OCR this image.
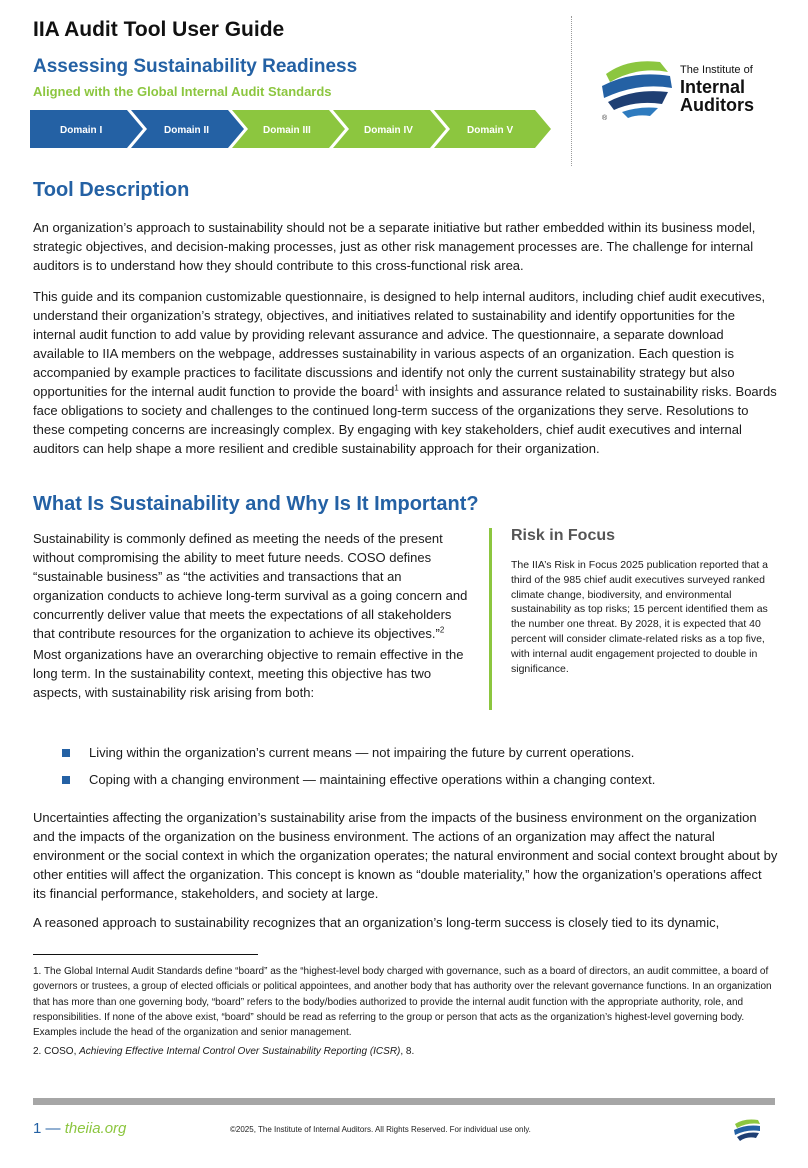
IIA Audit Tool User Guide
Assessing Sustainability Readiness
Aligned with the Global Internal Audit Standards
®
The Institute of
Internal
Auditors
Domain I	Domain II	Domain III	Domain IV	Domain V
Tool Description

An organization’s approach to sustainability should not be a separate initiative but rather embedded within its business model, strategic objectives, and decision-making processes, just as other risk management processes are. The challenge for internal auditors is to understand how they should contribute to this cross-functional risk area.

This guide and its companion customizable questionnaire, is designed to help internal auditors, including chief audit executives, understand their organization’s strategy, objectives, and initiatives related to sustainability and identify opportunities for the internal audit function to add value by providing relevant assurance and advice. The questionnaire, a separate download available to IIA members on the webpage, addresses sustainability in various aspects of an organization. Each question is accompanied by example practices to facilitate discussions and identify not only the current sustainability strategy but also opportunities for the internal audit function to provide the board$^1$ with insights and assurance related to sustainability risks. Boards face obligations to society and challenges to the continued long-term success of the organizations they serve. Resolutions to these competing concerns are increasingly complex. By engaging with key stakeholders, chief audit executives and internal auditors can help shape a more resilient and credible sustainability approach for their organization.

What Is Sustainability and Why Is It Important?

Sustainability is commonly defined as meeting the needs of the present without compromising the ability to meet future needs. COSO defines “sustainable business” as “the activities and transactions that an organization conducts to achieve long-term survival as a going concern and concurrently deliver value that meets the expectations of all stakeholders that contribute resources for the organization to achieve its objectives.”$^2$

Most organizations have an overarching objective to remain effective in the long term. In the sustainability context, meeting this objective has two aspects, with sustainability risk arising from both:

Risk in Focus

The IIA’s Risk in Focus 2025 publication reported that a third of the 985 chief audit executives surveyed ranked climate change, biodiversity, and environmental sustainability as top risks; 15 percent identified them as the number one threat. By 2028, it is expected that 40 percent will consider climate-related risks as a top five, with internal audit engagement projected to double in significance.

Living within the organization’s current means — not impairing the future by current operations.
Coping with a changing environment — maintaining effective operations within a changing context.

Uncertainties affecting the organization’s sustainability arise from the impacts of the business environment on the organization and the impacts of the organization on the business environment. The actions of an organization may affect the natural environment or the social context in which the organization operates; the natural environment and social context brought about by other entities will affect the organization. This concept is known as “double materiality,” how the organization’s operations affect its financial performance, stakeholders, and society at large.

A reasoned approach to sustainability recognizes that an organization’s long-term success is closely tied to its dynamic,

1. The Global Internal Audit Standards define “board” as the “highest-level body charged with governance, such as a board of directors, an audit committee, a board of governors or trustees, a group of elected officials or political appointees, and another body that has authority over the relevant governance functions. In an organization that has more than one governing body, “board” refers to the body/bodies authorized to provide the internal audit function with the appropriate authority, role, and responsibilities. If none of the above exist, “board” should be read as referring to the group or person that acts as the organization’s highest-level governing body. Examples include the head of the organization and senior management.

2. COSO, Achieving Effective Internal Control Over Sustainability Reporting (ICSR), 8.

1 — theiia.org	©2025, The Institute of Internal Auditors. All Rights Reserved. For individual use only.
